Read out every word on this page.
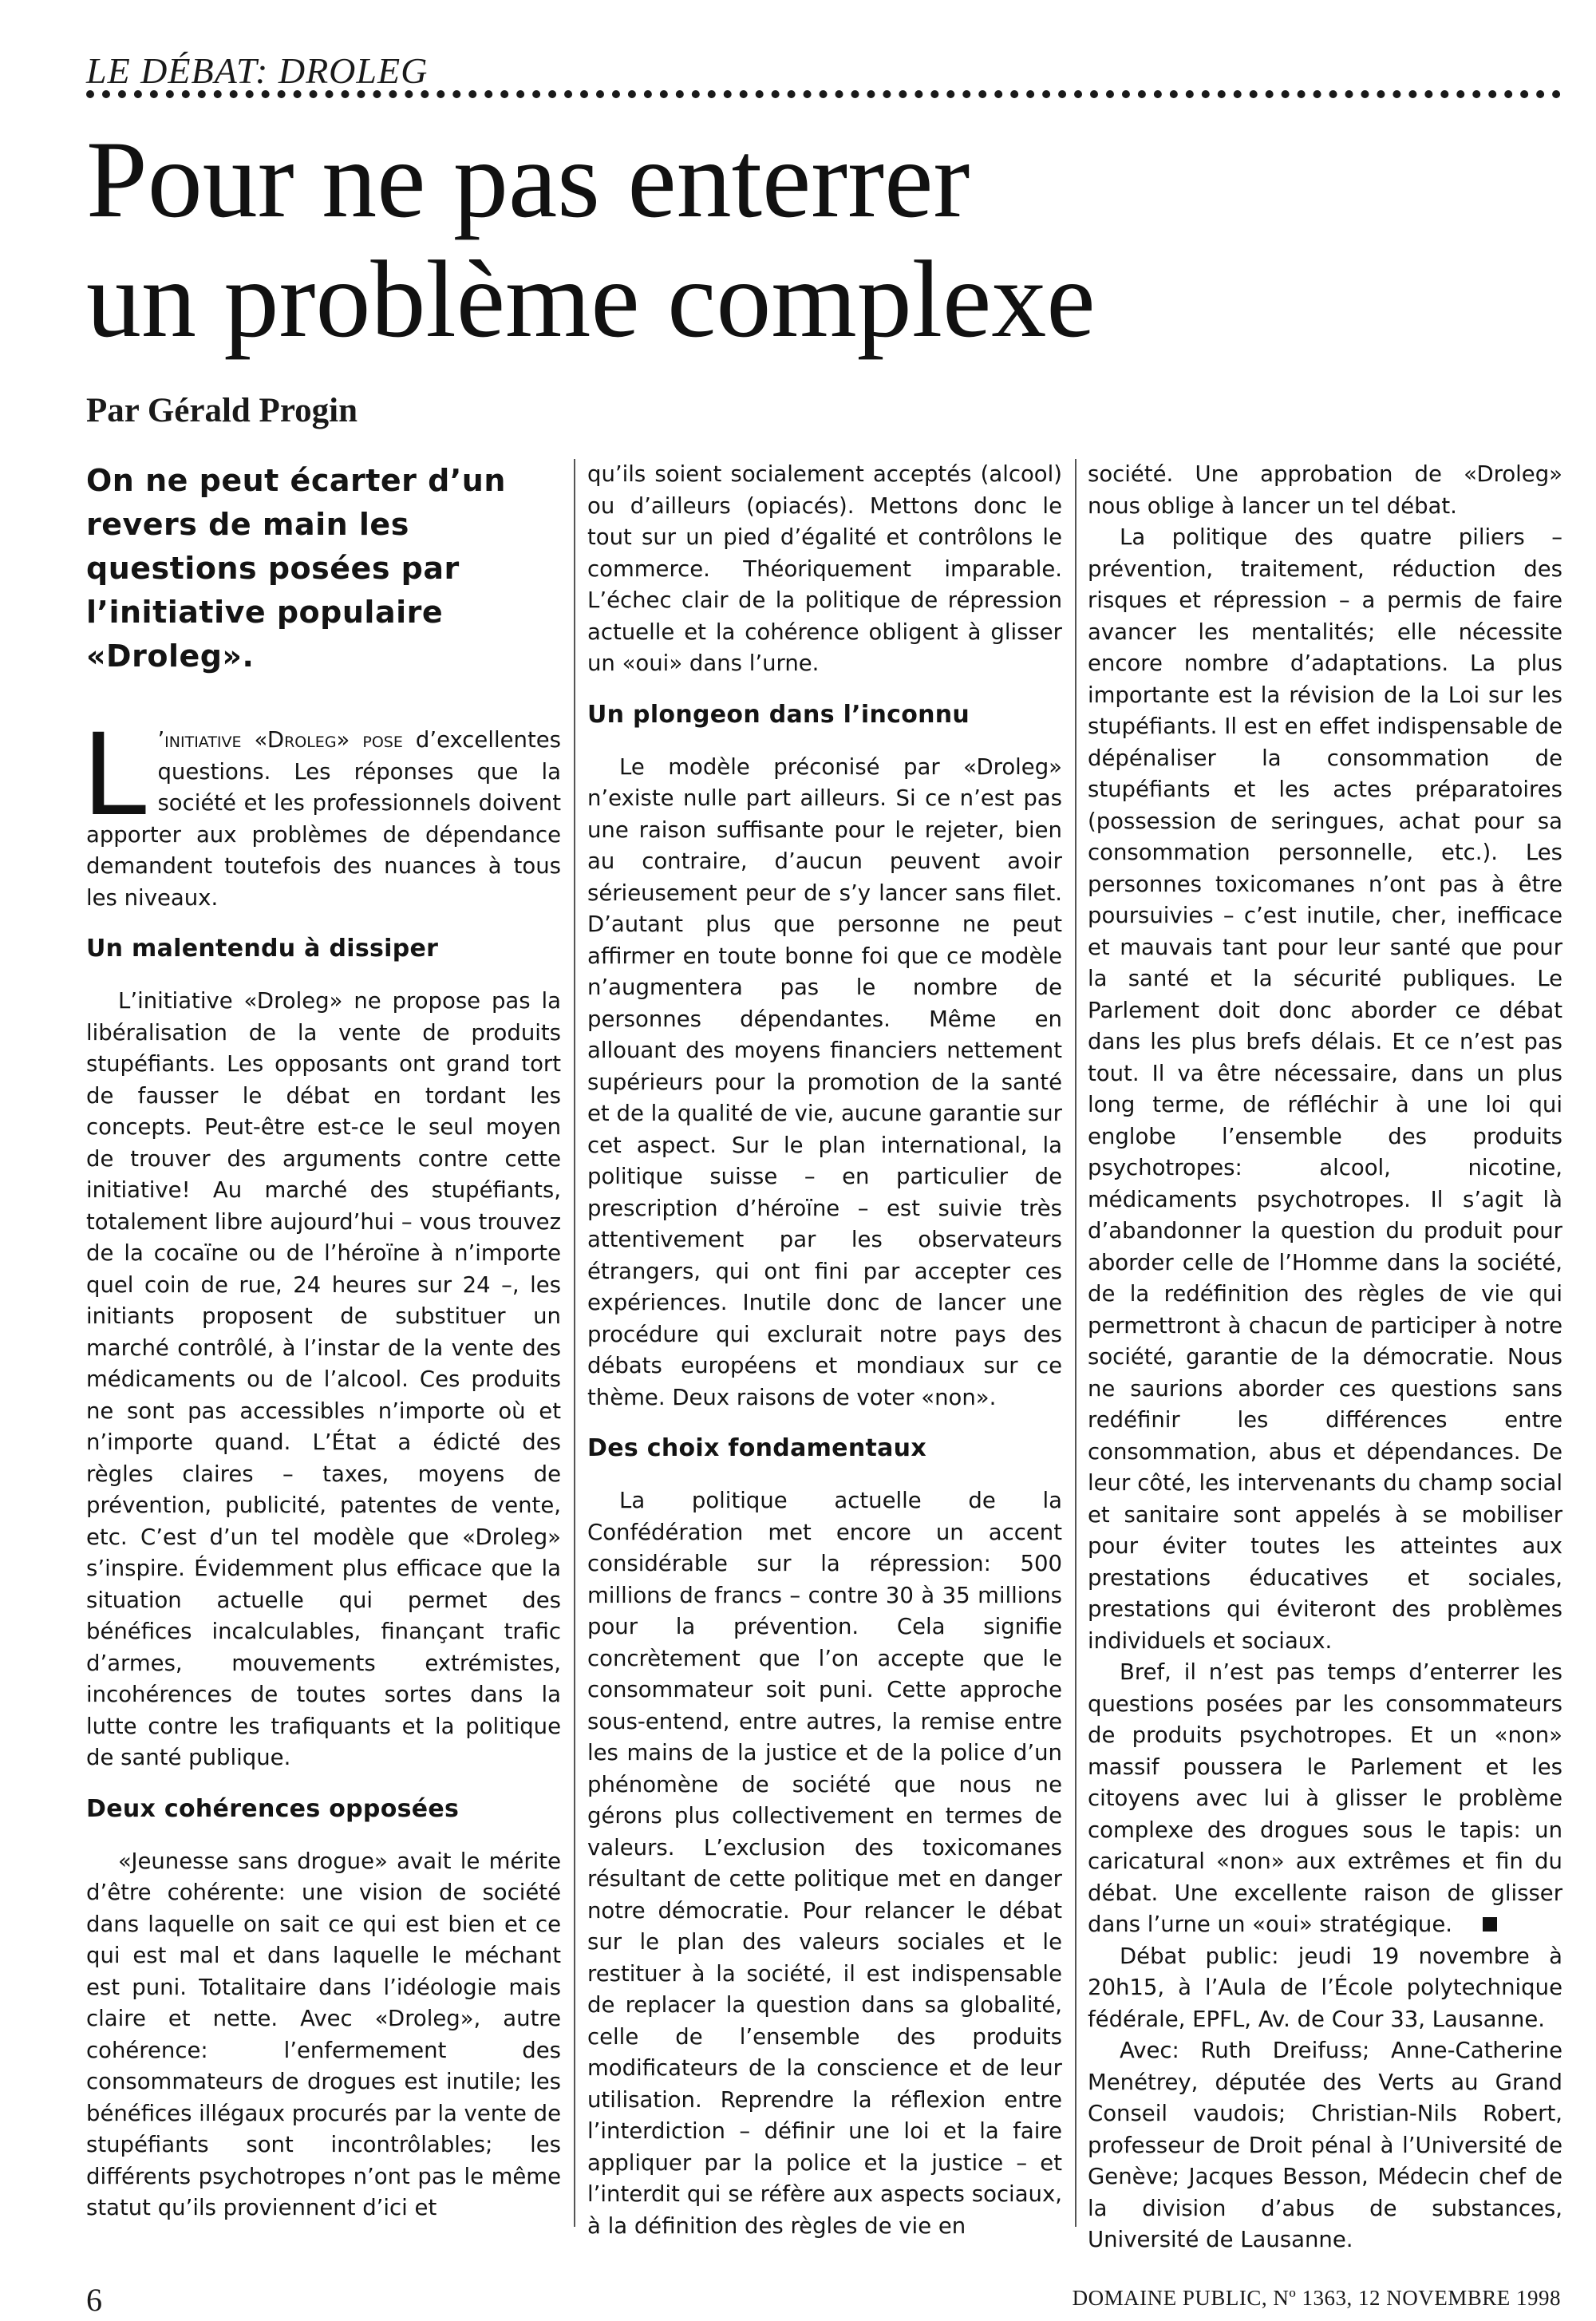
LE DÉBAT: DROLEG
Pour ne pas enterrer
un problème complexe
Par Gérald Progin

On ne peut écarter d’un revers de main les questions posées par l’initiative populaire «Droleg».

L ’initiative «Droleg» pose d’excellentes questions. Les réponses que la société et les professionnels doivent apporter aux problèmes de dépendance demandent toutefois des nuances à tous les niveaux.

Un malentendu à dissiper

L’initiative «Droleg» ne propose pas la libéralisation de la vente de produits stupéfiants. Les opposants ont grand tort de fausser le débat en tordant les concepts. Peut-être est-ce le seul moyen de trouver des arguments contre cette initiative! Au marché des stupéfiants, totalement libre aujourd’hui – vous trouvez de la cocaïne ou de l’héroïne à n’importe quel coin de rue, 24 heures sur 24 –, les initiants proposent de substituer un marché contrôlé, à l’instar de la vente des médicaments ou de l’alcool. Ces produits ne sont pas accessibles n’importe où et n’importe quand. L’État a édicté des règles claires – taxes, moyens de prévention, publicité, patentes de vente, etc. C’est d’un tel modèle que «Droleg» s’inspire. Évidemment plus efficace que la situation actuelle qui permet des bénéfices incalculables, finançant trafic d’armes, mouvements extrémistes, incohérences de toutes sortes dans la lutte contre les trafiquants et la politique de santé publique.

Deux cohérences opposées

«Jeunesse sans drogue» avait le mérite d’être cohérente: une vision de société dans laquelle on sait ce qui est bien et ce qui est mal et dans laquelle le méchant est puni. Totalitaire dans l’idéologie mais claire et nette. Avec «Droleg», autre cohérence: l’enfermement des consommateurs de drogues est inutile; les bénéfices illégaux procurés par la vente de stupéfiants sont incontrôlables; les différents psychotropes n’ont pas le même statut qu’ils proviennent d’ici et

qu’ils soient socialement acceptés (alcool) ou d’ailleurs (opiacés). Mettons donc le tout sur un pied d’égalité et contrôlons le commerce. Théoriquement imparable. L’échec clair de la politique de répression actuelle et la cohérence obligent à glisser un «oui» dans l’urne.

Un plongeon dans l’inconnu

Le modèle préconisé par «Droleg» n’existe nulle part ailleurs. Si ce n’est pas une raison suffisante pour le rejeter, bien au contraire, d’aucun peuvent avoir sérieusement peur de s’y lancer sans filet. D’autant plus que personne ne peut affirmer en toute bonne foi que ce modèle n’augmentera pas le nombre de personnes dépendantes. Même en allouant des moyens financiers nettement supérieurs pour la promotion de la santé et de la qualité de vie, aucune garantie sur cet aspect. Sur le plan international, la politique suisse – en particulier de prescription d’héroïne – est suivie très attentivement par les observateurs étrangers, qui ont fini par accepter ces expériences. Inutile donc de lancer une procédure qui exclurait notre pays des débats européens et mondiaux sur ce thème. Deux raisons de voter «non».

Des choix fondamentaux

La politique actuelle de la Confédération met encore un accent considérable sur la répression: 500 millions de francs – contre 30 à 35 millions pour la prévention. Cela signifie concrètement que l’on accepte que le consommateur soit puni. Cette approche sous-entend, entre autres, la remise entre les mains de la justice et de la police d’un phénomène de société que nous ne gérons plus collectivement en termes de valeurs. L’exclusion des toxicomanes résultant de cette politique met en danger notre démocratie. Pour relancer le débat sur le plan des valeurs sociales et le restituer à la société, il est indispensable de replacer la question dans sa globalité, celle de l’ensemble des produits modificateurs de la conscience et de leur utilisation. Reprendre la réflexion entre l’interdiction – définir une loi et la faire appliquer par la police et la justice – et l’interdit qui se réfère aux aspects sociaux, à la définition des règles de vie en

société. Une approbation de «Droleg» nous oblige à lancer un tel débat.

La politique des quatre piliers – prévention, traitement, réduction des risques et répression – a permis de faire avancer les mentalités; elle nécessite encore nombre d’adaptations. La plus importante est la révision de la Loi sur les stupéfiants. Il est en effet indispensable de dépénaliser la consommation de stupéfiants et les actes préparatoires (possession de seringues, achat pour sa consommation personnelle, etc.). Les personnes toxicomanes n’ont pas à être poursuivies – c’est inutile, cher, inefficace et mauvais tant pour leur santé que pour la santé et la sécurité publiques. Le Parlement doit donc aborder ce débat dans les plus brefs délais. Et ce n’est pas tout. Il va être nécessaire, dans un plus long terme, de réfléchir à une loi qui englobe l’ensemble des produits psychotropes: alcool, nicotine, médicaments psychotropes. Il s’agit là d’abandonner la question du produit pour aborder celle de l’Homme dans la société, de la redéfinition des règles de vie qui permettront à chacun de participer à notre société, garantie de la démocratie. Nous ne saurions aborder ces questions sans redéfinir les différences entre consommation, abus et dépendances. De leur côté, les intervenants du champ social et sanitaire sont appelés à se mobiliser pour éviter toutes les atteintes aux prestations éducatives et sociales, prestations qui éviteront des problèmes individuels et sociaux.

Bref, il n’est pas temps d’enterrer les questions posées par les consommateurs de produits psychotropes. Et un «non» massif poussera le Parlement et les citoyens avec lui à glisser le problème complexe des drogues sous le tapis: un caricatural «non» aux extrêmes et fin du débat. Une excellente raison de glisser dans l’urne un «oui» stratégique.

Débat public: jeudi 19 novembre à 20h15, à l’Aula de l’École polytechnique fédérale, EPFL, Av. de Cour 33, Lausanne.

Avec: Ruth Dreifuss; Anne-Catherine Menétrey, députée des Verts au Grand Conseil vaudois; Christian-Nils Robert, professeur de Droit pénal à l’Université de Genève; Jacques Besson, Médecin chef de la division d’abus de substances, Université de Lausanne.

6	DOMAINE PUBLIC, Nº 1363, 12 NOVEMBRE 1998
